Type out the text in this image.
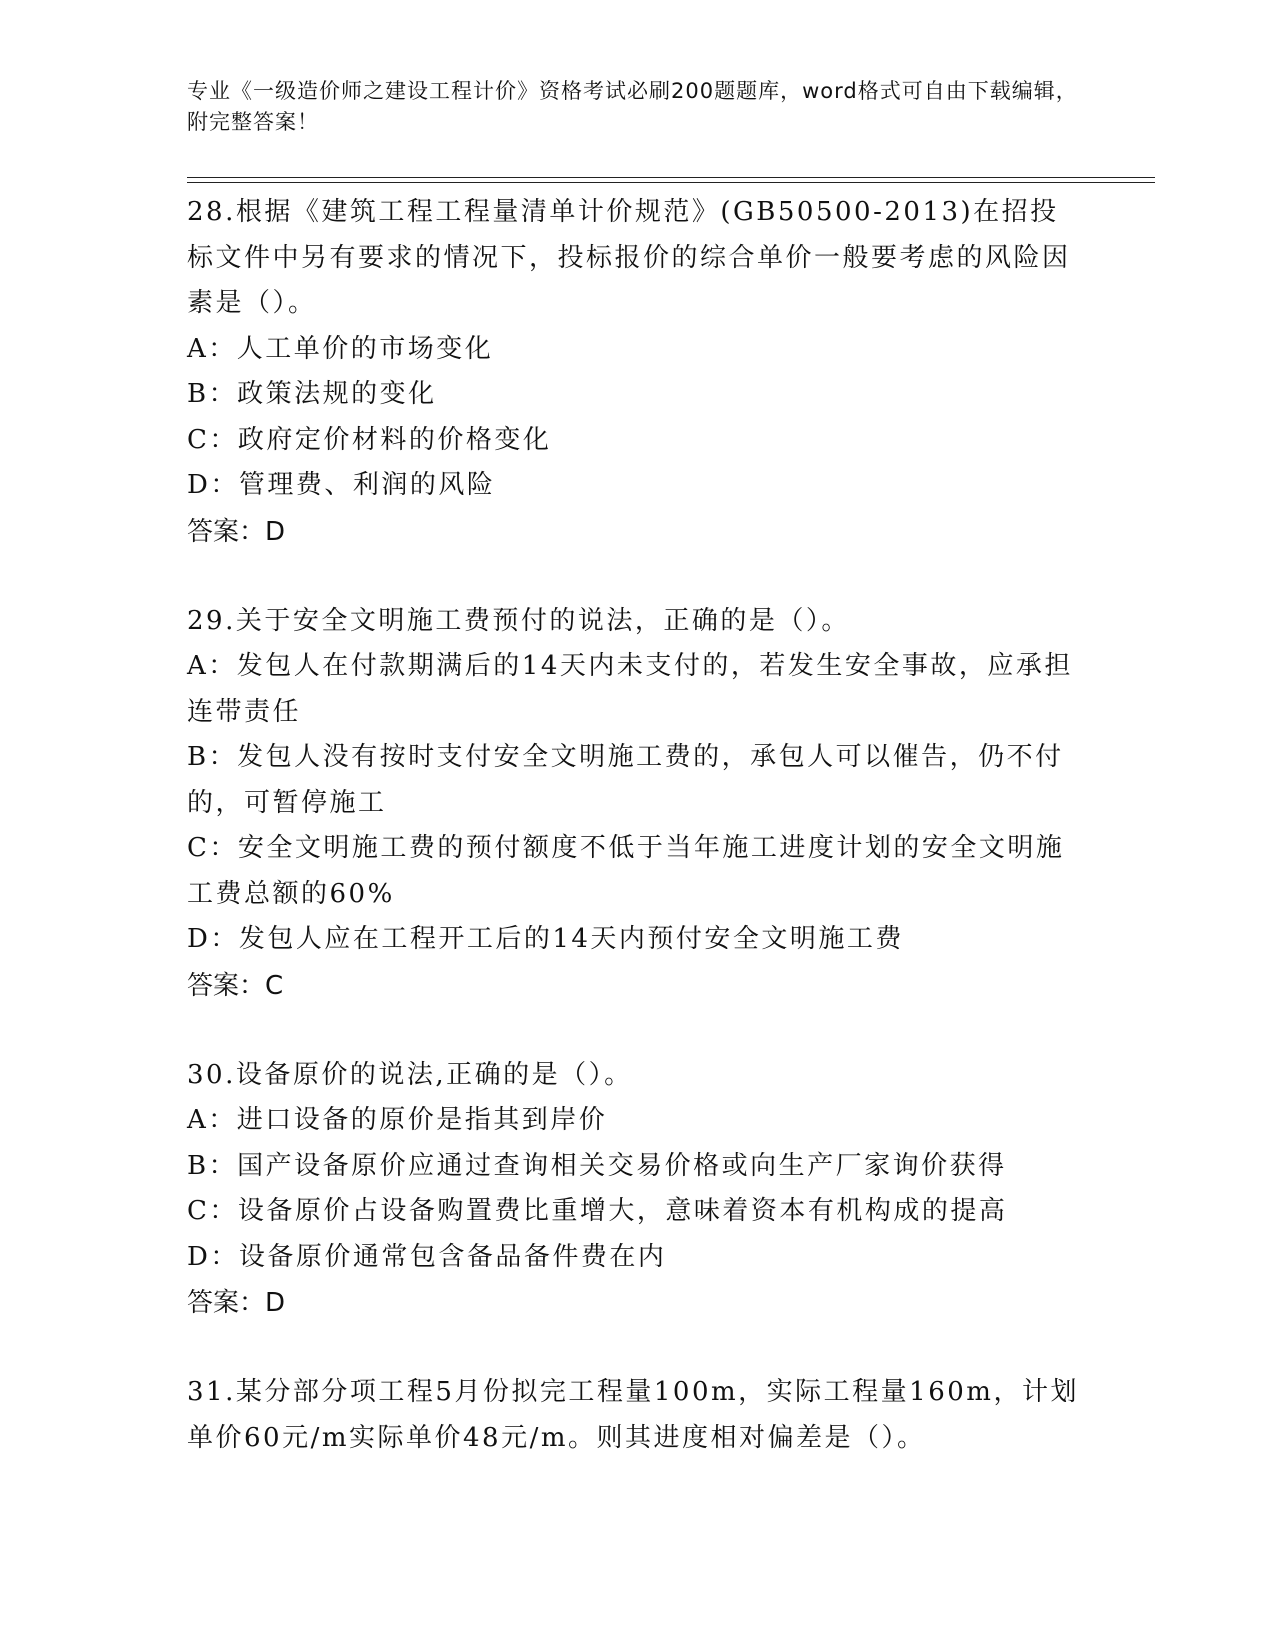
专业《一级造价师之建设工程计价》资格考试必刷200题题库，word格式可自由下载编辑，附完整答案！

28.根据《建筑工程工程量清单计价规范》(GB50500-2013)在招投标文件中另有要求的情况下，投标报价的综合单价一般要考虑的风险因素是（）。

A：人工单价的市场变化

B：政策法规的变化

C：政府定价材料的价格变化

D：管理费、利润的风险

答案：D

29.关于安全文明施工费预付的说法，正确的是（）。

A：发包人在付款期满后的14天内未支付的，若发生安全事故，应承担连带责任

B：发包人没有按时支付安全文明施工费的，承包人可以催告，仍不付的，可暂停施工

C：安全文明施工费的预付额度不低于当年施工进度计划的安全文明施工费总额的60%

D：发包人应在工程开工后的14天内预付安全文明施工费

答案：C

30.设备原价的说法,正确的是（）。

A：进口设备的原价是指其到岸价

B：国产设备原价应通过查询相关交易价格或向生产厂家询价获得

C：设备原价占设备购置费比重增大，意味着资本有机构成的提高

D：设备原价通常包含备品备件费在内

答案：D

31.某分部分项工程5月份拟完工程量100m，实际工程量160m，计划单价60元/m实际单价48元/m。则其进度相对偏差是（）。
